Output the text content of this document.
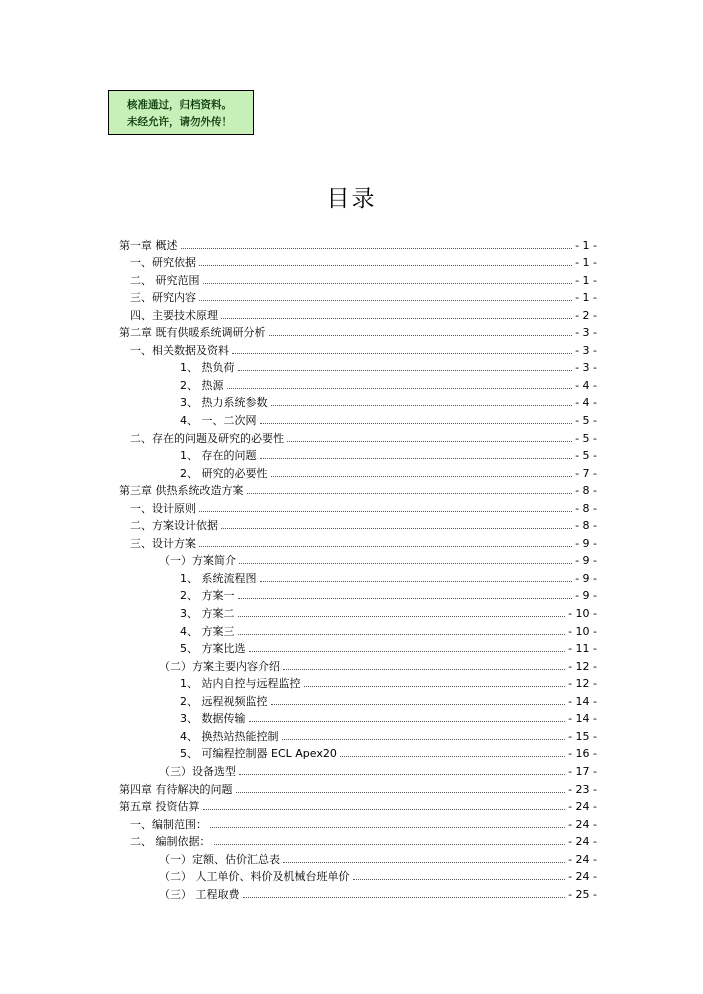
核准通过，归档资料。
未经允许，请勿外传！
目录
第一章 概述	- 1 -
一、研究依据	- 1 -
二、 研究范围	- 1 -
三、研究内容	- 1 -
四、主要技术原理	- 2 -
第二章 既有供暖系统调研分析	- 3 -
一、相关数据及资料	- 3 -
1、 热负荷	- 3 -
2、 热源	- 4 -
3、 热力系统参数	- 4 -
4、 一、二次网	- 5 -
二、存在的问题及研究的必要性	- 5 -
1、 存在的问题	- 5 -
2、 研究的必要性	- 7 -
第三章 供热系统改造方案	- 8 -
一、设计原则	- 8 -
二、方案设计依据	- 8 -
三、设计方案	- 9 -
（一）方案简介	- 9 -
1、 系统流程图	- 9 -
2、 方案一	- 9 -
3、 方案二	- 10 -
4、 方案三	- 10 -
5、 方案比选	- 11 -
（二）方案主要内容介绍	- 12 -
1、 站内自控与远程监控	- 12 -
2、 远程视频监控	- 14 -
3、 数据传输	- 14 -
4、 换热站热能控制	- 15 -
5、 可编程控制器 ECL Apex20	- 16 -
（三）设备选型	- 17 -
第四章 有待解决的问题	- 23 -
第五章 投资估算	- 24 -
一、编制范围：	- 24 -
二、 编制依据：	- 24 -
（一）定额、估价汇总表	- 24 -
（二） 人工单价、料价及机械台班单价	- 24 -
（三） 工程取费	- 25 -
